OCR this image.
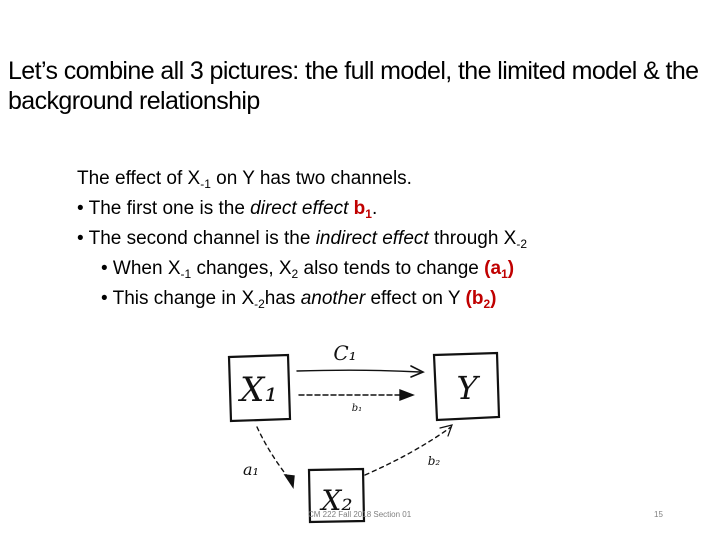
Let’s combine all 3 pictures: the full model, the limited model & the background relationship

The effect of $X_{-1}$ on Y has two channels.

• The first one is the direct effect $b_1$.

• The second channel is the indirect effect through $X_{-2}$

• When $X_{-1}$ changes, $X_2$ also tends to change $(a_1)$

• This change in $X_{-2}has$ another effect on Y $(b_2)$

X₁	Y
X₂
C₁
b₁
a₁	b₂
CM 222 Fall 2018 Section 01	15
